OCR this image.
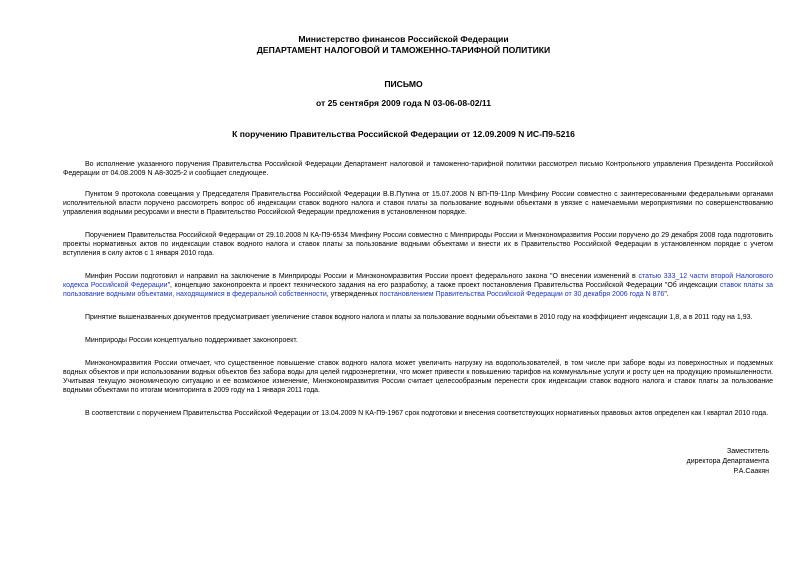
Министерство финансов Российской Федерации
ДЕПАРТАМЕНТ НАЛОГОВОЙ И ТАМОЖЕННО-ТАРИФНОЙ ПОЛИТИКИ
ПИСЬМО
от 25 сентября 2009 года N 03-06-08-02/11
К поручению Правительства Российской Федерации от 12.09.2009 N ИС-П9-5216

Во исполнение указанного поручения Правительства Российской Федерации Департамент налоговой и таможенно-тарифной политики рассмотрел письмо Контрольного управления Президента Российской Федерации от 04.08.2009 N А8-3025-2 и сообщает следующее.

Пунктом 9 протокола совещания у Председателя Правительства Российской Федерации В.В.Путина от 15.07.2008 N ВП-П9-11пр Минфину России совместно с заинтересованными федеральными органами исполнительной власти поручено рассмотреть вопрос об индексации ставок водного налога и ставок платы за пользование водными объектами в увязке с намечаемыми мероприятиями по совершенствованию управления водными ресурсами и внести в Правительство Российской Федерации предложения в установленном порядке.

Поручением Правительства Российской Федерации от 29.10.2008 N КА-П9-6534 Минфину России совместно с Минприроды России и Минэкономразвития России поручено до 29 декабря 2008 года подготовить проекты нормативных актов по индексации ставок водного налога и ставок платы за пользование водными объектами и внести их в Правительство Российской Федерации в установленном порядке с учетом вступления в силу актов с 1 января 2010 года.

Минфин России подготовил и направил на заключение в Минприроды России и Минэкономразвития России проект федерального закона "О внесении изменений в статью 333_12 части второй Налогового кодекса Российской Федерации", концепцию законопроекта и проект технического задания на его разработку, а также проект постановления Правительства Российской Федерации "Об индексации ставок платы за пользование водными объектами, находящимися в федеральной собственности, утвержденных постановлением Правительства Российской Федерации от 30 декабря 2006 года N 876".

Принятие вышеназванных документов предусматривает увеличение ставок водного налога и платы за пользование водными объектами в 2010 году на коэффициент индексации 1,8, а в 2011 году на 1,93.

Минприроды России концептуально поддерживает законопроект.

Минэкономразвития России отмечает, что существенное повышение ставок водного налога может увеличить нагрузку на водопользователей, в том числе при заборе воды из поверхностных и подземных водных объектов и при использовании водных объектов без забора воды для целей гидроэнергетики, что может привести к повышению тарифов на коммунальные услуги и росту цен на продукцию промышленности. Учитывая текущую экономическую ситуацию и ее возможное изменение, Минэкономразвития России считает целесообразным перенести срок индексации ставок водного налога и ставок платы за пользование водными объектами по итогам мониторинга в 2009 году на 1 января 2011 года.

В соответствии с поручением Правительства Российской Федерации от 13.04.2009 N КА-П9-1967 срок подготовки и внесения соответствующих нормативных правовых актов определен как I квартал 2010 года.

Заместитель
директора Департамента
Р.А.Саакян
